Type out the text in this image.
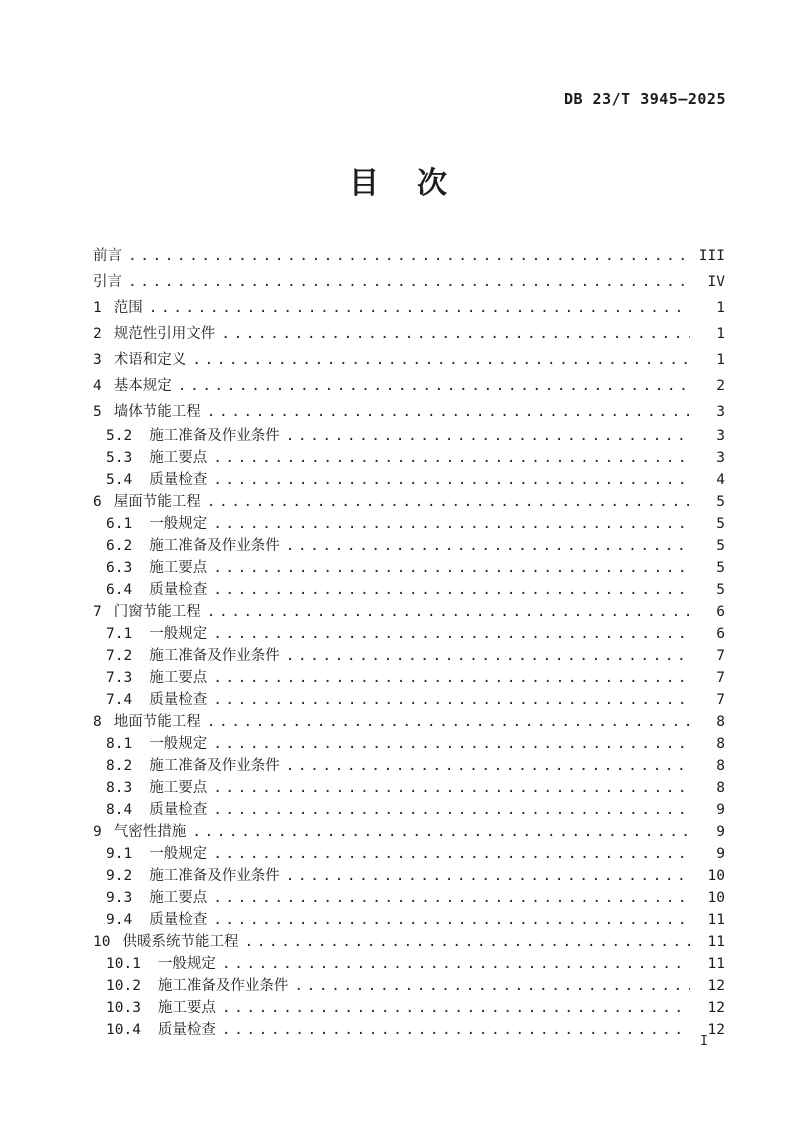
DB 23/T 3945—2025
目　次
前言 .....	III
引言 .....	IV
1 范围 .....	1
2 规范性引用文件 .....	1
3 术语和定义 .....	1
4 基本规定 .....	2
5 墙体节能工程 .....	3
5.2 施工准备及作业条件 .....	3
5.3 施工要点 .....	3
5.4 质量检查 .....	4
6 屋面节能工程 .....	5
6.1 一般规定 .....	5
6.2 施工准备及作业条件 .....	5
6.3 施工要点 .....	5
6.4 质量检查 .....	5
7 门窗节能工程 .....	6
7.1 一般规定 .....	6
7.2 施工准备及作业条件 .....	7
7.3 施工要点 .....	7
7.4 质量检查 .....	7
8 地面节能工程 .....	8
8.1 一般规定 .....	8
8.2 施工准备及作业条件 .....	8
8.3 施工要点 .....	8
8.4 质量检查 .....	9
9 气密性措施 .....	9
9.1 一般规定 .....	9
9.2 施工准备及作业条件 .....	10
9.3 施工要点 .....	10
9.4 质量检查 .....	11
10 供暖系统节能工程 .....	11
10.1 一般规定 .....	11
10.2 施工准备及作业条件 .....	12
10.3 施工要点 .....	12
10.4 质量检查 .....	12
I
